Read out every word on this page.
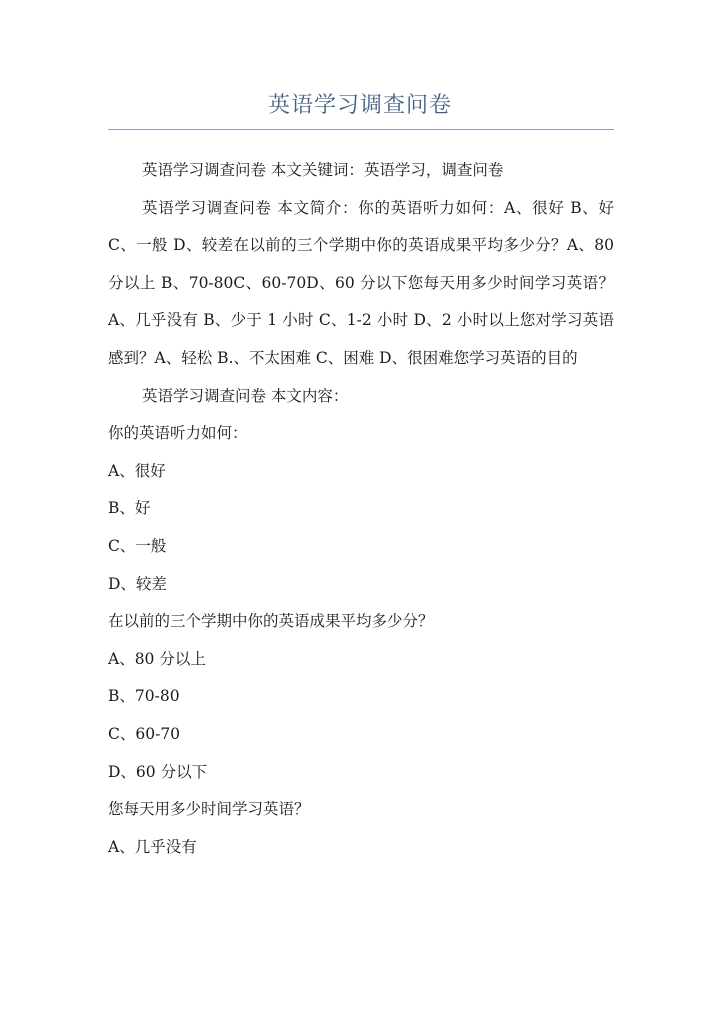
英语学习调查问卷

英语学习调查问卷 本文关键词：英语学习，调查问卷

英语学习调查问卷 本文简介：你的英语听力如何：A、很好 B、好 C、一般 D、较差在以前的三个学期中你的英语成果平均多少分？A、80 分以上 B、70-80C、60-70D、60 分以下您每天用多少时间学习英语？A、几乎没有 B、少于 1 小时 C、1-2 小时 D、2 小时以上您对学习英语感到？A、轻松 B.、不太困难 C、困难 D、很困难您学习英语的目的

英语学习调查问卷 本文内容：

你的英语听力如何：

A、很好

B、好

C、一般

D、较差

在以前的三个学期中你的英语成果平均多少分？

A、80 分以上

B、70-80

C、60-70

D、60 分以下

您每天用多少时间学习英语？

A、几乎没有
